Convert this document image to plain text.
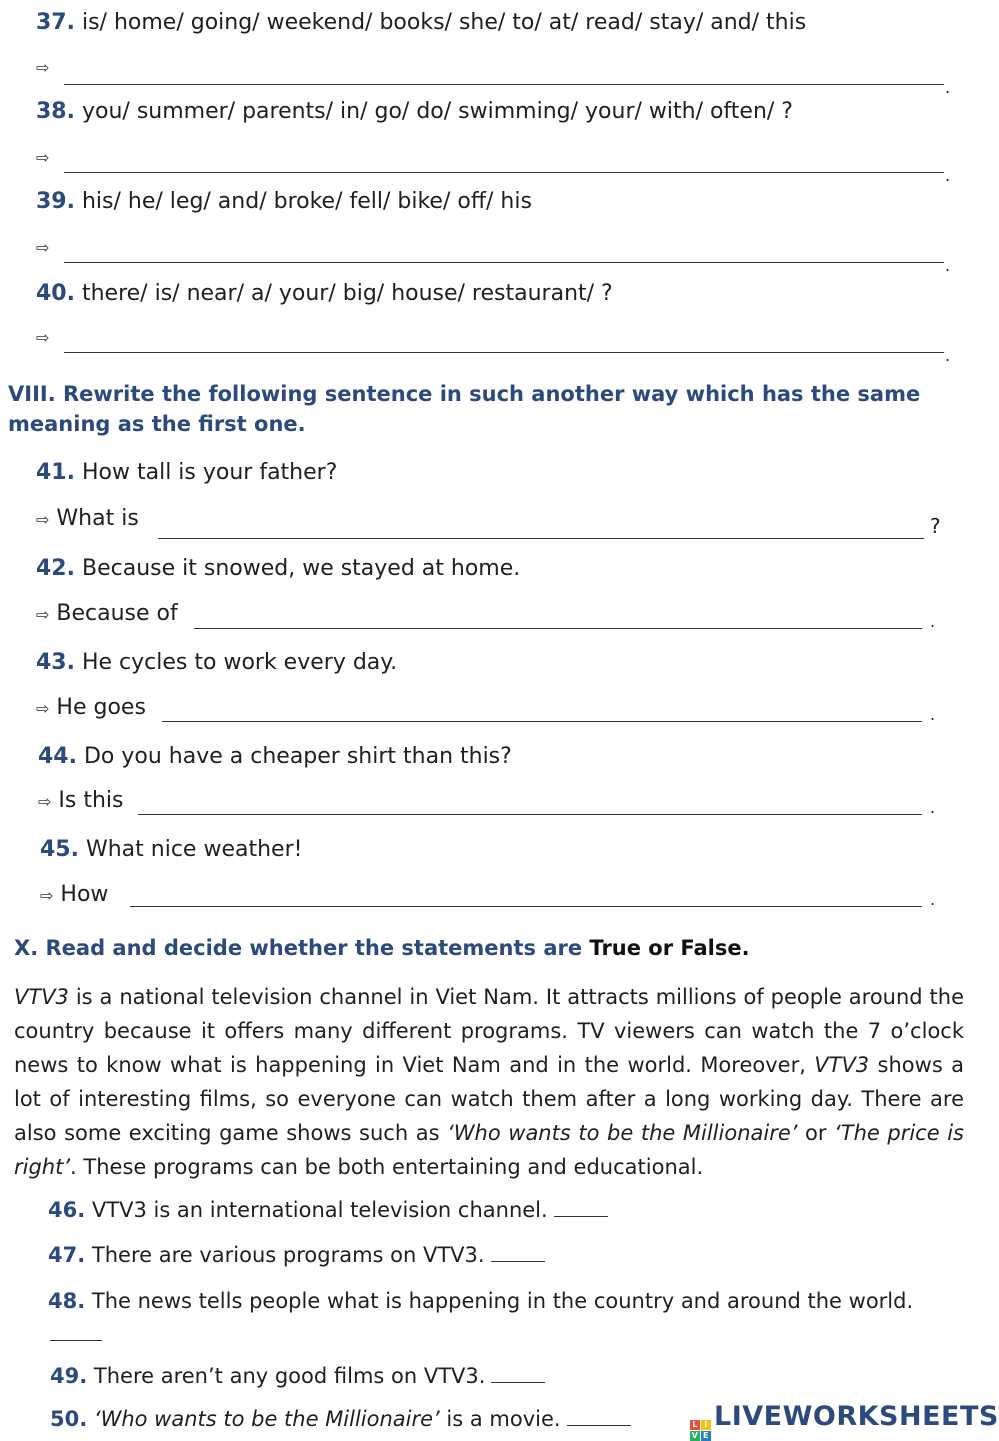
37. is/ home/ going/ weekend/ books/ she/ to/ at/ read/ stay/ and/ this
⇨
.
38. you/ summer/ parents/ in/ go/ do/ swimming/ your/ with/ often/ ?
⇨
.
39. his/ he/ leg/ and/ broke/ fell/ bike/ off/ his
⇨
.
40. there/ is/ near/ a/ your/ big/ house/ restaurant/ ?
⇨
.
VIII. Rewrite the following sentence in such another way which has the same
meaning as the first one.
41. How tall is your father?
⇨ What is	?
42. Because it snowed, we stayed at home.
⇨ Because of	.
43. He cycles to work every day.
⇨ He goes	.
44. Do you have a cheaper shirt than this?
⇨ Is this	.
45. What nice weather!
⇨ How	.
X. Read and decide whether the statements are True or False.
VTV3 is a national television channel in Viet Nam. It attracts millions of people around the country because it offers many different programs. TV viewers can watch the 7 o’clock news to know what is happening in Viet Nam and in the world. Moreover, VTV3 shows a lot of interesting films, so everyone can watch them after a long working day. There are also some exciting game shows such as ‘Who wants to be the Millionaire’ or ‘The price is right’. These programs can be both entertaining and educational.
46. VTV3 is an international television channel.
47. There are various programs on VTV3.
48. The news tells people what is happening in the country and around the world.
49. There aren’t any good films on VTV3.
50. ‘Who wants to be the Millionaire’ is a movie.	L I
V E
LIVEWORKSHEETS
